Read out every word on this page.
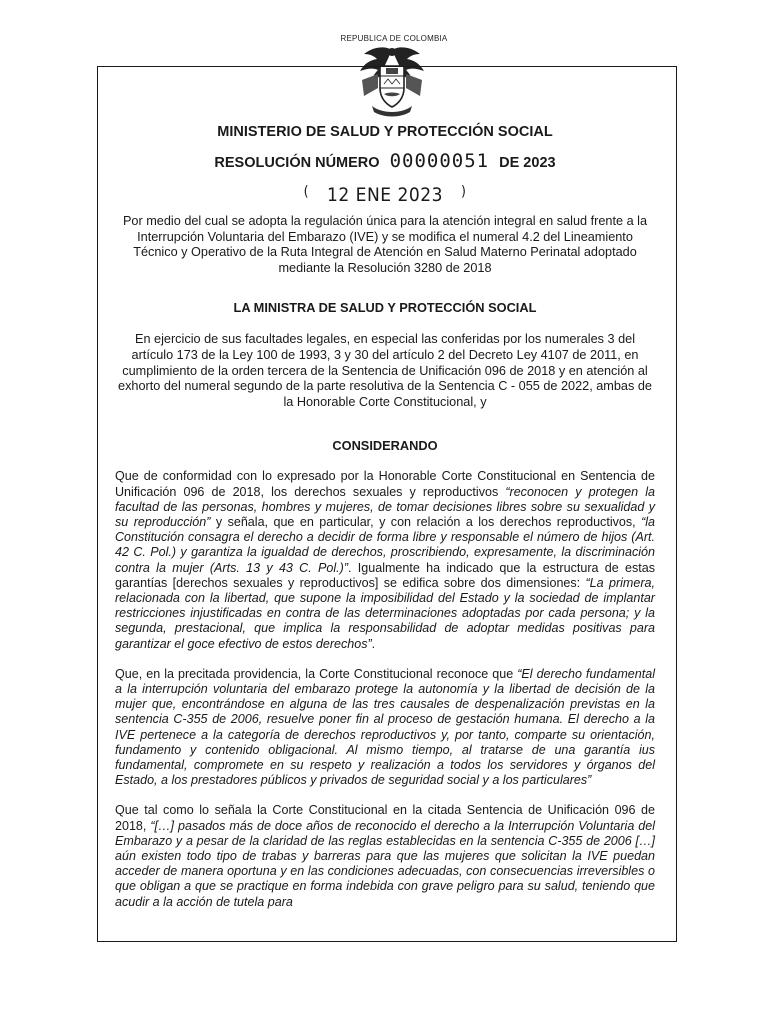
REPUBLICA DE COLOMBIA

MINISTERIO DE SALUD Y PROTECCIÓN SOCIAL

RESOLUCIÓN NÚMERO 00000051 DE 2023
( 12 ENE 2023 )
Por medio del cual se adopta la regulación única para la atención integral en salud frente a la Interrupción Voluntaria del Embarazo (IVE) y se modifica el numeral 4.2 del Lineamiento Técnico y Operativo de la Ruta Integral de Atención en Salud Materno Perinatal adoptado mediante la Resolución 3280 de 2018
LA MINISTRA DE SALUD Y PROTECCIÓN SOCIAL
En ejercicio de sus facultades legales, en especial las conferidas por los numerales 3 del artículo 173 de la Ley 100 de 1993, 3 y 30 del artículo 2 del Decreto Ley 4107 de 2011, en cumplimiento de la orden tercera de la Sentencia de Unificación 096 de 2018 y en atención al exhorto del numeral segundo de la parte resolutiva de la Sentencia C - 055 de 2022, ambas de la Honorable Corte Constitucional, y
CONSIDERANDO
Que de conformidad con lo expresado por la Honorable Corte Constitucional en Sentencia de Unificación 096 de 2018, los derechos sexuales y reproductivos “reconocen y protegen la facultad de las personas, hombres y mujeres, de tomar decisiones libres sobre su sexualidad y su reproducción” y señala, que en particular, y con relación a los derechos reproductivos, “la Constitución consagra el derecho a decidir de forma libre y responsable el número de hijos (Art. 42 C. Pol.) y garantiza la igualdad de derechos, proscribiendo, expresamente, la discriminación contra la mujer (Arts. 13 y 43 C. Pol.)”. Igualmente ha indicado que la estructura de estas garantías [derechos sexuales y reproductivos] se edifica sobre dos dimensiones: “La primera, relacionada con la libertad, que supone la imposibilidad del Estado y la sociedad de implantar restricciones injustificadas en contra de las determinaciones adoptadas por cada persona; y la segunda, prestacional, que implica la responsabilidad de adoptar medidas positivas para garantizar el goce efectivo de estos derechos”.
Que, en la precitada providencia, la Corte Constitucional reconoce que “El derecho fundamental a la interrupción voluntaria del embarazo protege la autonomía y la libertad de decisión de la mujer que, encontrándose en alguna de las tres causales de despenalización previstas en la sentencia C-355 de 2006, resuelve poner fin al proceso de gestación humana. El derecho a la IVE pertenece a la categoría de derechos reproductivos y, por tanto, comparte su orientación, fundamento y contenido obligacional. Al mismo tiempo, al tratarse de una garantía ius fundamental, compromete en su respeto y realización a todos los servidores y órganos del Estado, a los prestadores públicos y privados de seguridad social y a los particulares”
Que tal como lo señala la Corte Constitucional en la citada Sentencia de Unificación 096 de 2018, “[…] pasados más de doce años de reconocido el derecho a la Interrupción Voluntaria del Embarazo y a pesar de la claridad de las reglas establecidas en la sentencia C-355 de 2006 […] aún existen todo tipo de trabas y barreras para que las mujeres que solicitan la IVE puedan acceder de manera oportuna y en las condiciones adecuadas, con consecuencias irreversibles o que obligan a que se practique en forma indebida con grave peligro para su salud, teniendo que acudir a la acción de tutela para
